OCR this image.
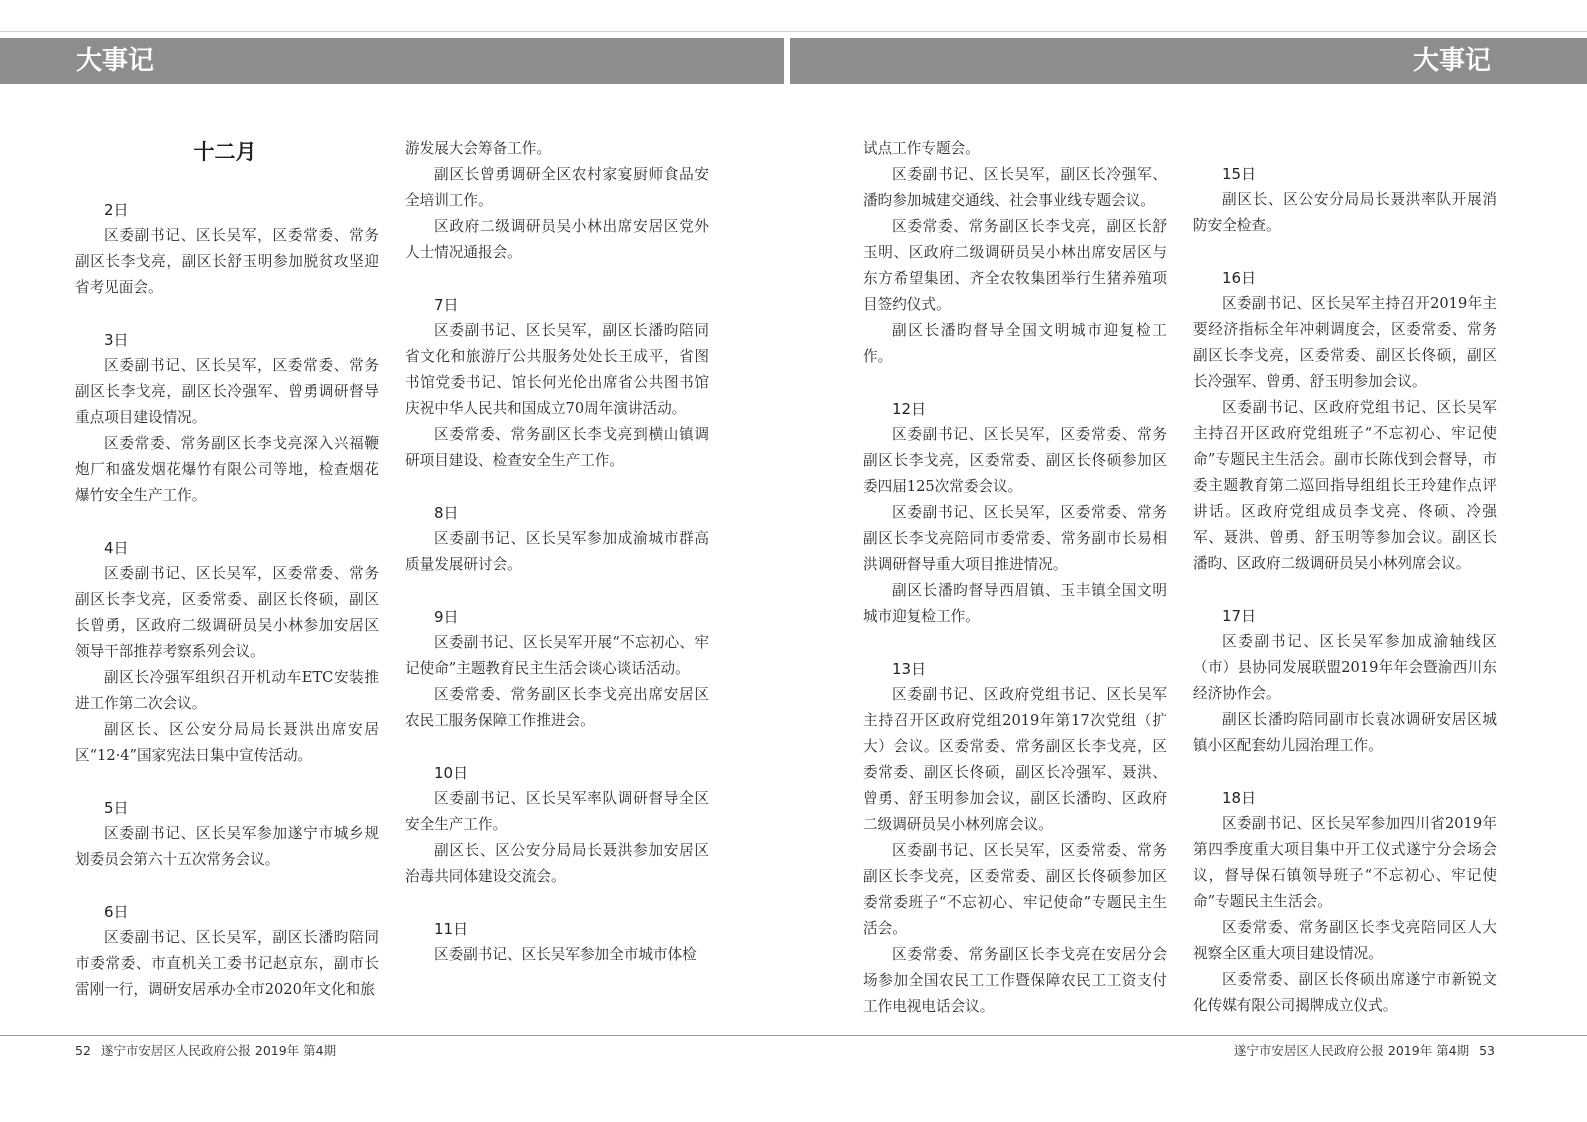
大事记	大事记
十二月
2日

区委副书记、区长吴军，区委常委、常务副区长李戈亮，副区长舒玉明参加脱贫攻坚迎省考见面会。

3日

区委副书记、区长吴军，区委常委、常务副区长李戈亮，副区长冷强军、曾勇调研督导重点项目建设情况。

区委常委、常务副区长李戈亮深入兴福鞭炮厂和盛发烟花爆竹有限公司等地，检查烟花爆竹安全生产工作。

4日

区委副书记、区长吴军，区委常委、常务副区长李戈亮，区委常委、副区长佟硕，副区长曾勇，区政府二级调研员吴小林参加安居区领导干部推荐考察系列会议。

副区长冷强军组织召开机动车ETC安装推进工作第二次会议。

副区长、区公安分局局长聂洪出席安居区“12·4”国家宪法日集中宣传活动。

5日

区委副书记、区长吴军参加遂宁市城乡规划委员会第六十五次常务会议。

6日

区委副书记、区长吴军，副区长潘昀陪同市委常委、市直机关工委书记赵京东，副市长雷刚一行，调研安居承办全市2020年文化和旅

游发展大会筹备工作。

副区长曾勇调研全区农村家宴厨师食品安全培训工作。

区政府二级调研员吴小林出席安居区党外人士情况通报会。

7日

区委副书记、区长吴军，副区长潘昀陪同省文化和旅游厅公共服务处处长王成平，省图书馆党委书记、馆长何光伦出席省公共图书馆庆祝中华人民共和国成立70周年演讲活动。

区委常委、常务副区长李戈亮到横山镇调研项目建设、检查安全生产工作。

8日

区委副书记、区长吴军参加成渝城市群高质量发展研讨会。

9日

区委副书记、区长吴军开展“不忘初心、牢记使命”主题教育民主生活会谈心谈话活动。

区委常委、常务副区长李戈亮出席安居区农民工服务保障工作推进会。

10日

区委副书记、区长吴军率队调研督导全区安全生产工作。

副区长、区公安分局局长聂洪参加安居区治毒共同体建设交流会。

11日

区委副书记、区长吴军参加全市城市体检

试点工作专题会。

区委副书记、区长吴军，副区长冷强军、潘昀参加城建交通线、社会事业线专题会议。

区委常委、常务副区长李戈亮，副区长舒玉明、区政府二级调研员吴小林出席安居区与东方希望集团、齐全农牧集团举行生猪养殖项目签约仪式。

副区长潘昀督导全国文明城市迎复检工作。

12日

区委副书记、区长吴军，区委常委、常务副区长李戈亮，区委常委、副区长佟硕参加区委四届125次常委会议。

区委副书记、区长吴军，区委常委、常务副区长李戈亮陪同市委常委、常务副市长易相洪调研督导重大项目推进情况。

副区长潘昀督导西眉镇、玉丰镇全国文明城市迎复检工作。

13日

区委副书记、区政府党组书记、区长吴军主持召开区政府党组2019年第17次党组（扩大）会议。区委常委、常务副区长李戈亮，区委常委、副区长佟硕，副区长冷强军、聂洪、曾勇、舒玉明参加会议，副区长潘昀、区政府二级调研员吴小林列席会议。

区委副书记、区长吴军，区委常委、常务副区长李戈亮，区委常委、副区长佟硕参加区委常委班子“不忘初心、牢记使命”专题民主生活会。

区委常委、常务副区长李戈亮在安居分会场参加全国农民工工作暨保障农民工工资支付工作电视电话会议。

15日

副区长、区公安分局局长聂洪率队开展消防安全检查。

16日

区委副书记、区长吴军主持召开2019年主要经济指标全年冲刺调度会，区委常委、常务副区长李戈亮，区委常委、副区长佟硕，副区长冷强军、曾勇、舒玉明参加会议。

区委副书记、区政府党组书记、区长吴军主持召开区政府党组班子“不忘初心、牢记使命”专题民主生活会。副市长陈伐到会督导，市委主题教育第二巡回指导组组长王玲建作点评讲话。区政府党组成员李戈亮、佟硕、冷强军、聂洪、曾勇、舒玉明等参加会议。副区长潘昀、区政府二级调研员吴小林列席会议。

17日

区委副书记、区长吴军参加成渝轴线区（市）县协同发展联盟2019年年会暨渝西川东经济协作会。

副区长潘昀陪同副市长袁冰调研安居区城镇小区配套幼儿园治理工作。

18日

区委副书记、区长吴军参加四川省2019年第四季度重大项目集中开工仪式遂宁分会场会议，督导保石镇领导班子“不忘初心、牢记使命”专题民主生活会。

区委常委、常务副区长李戈亮陪同区人大视察全区重大项目建设情况。

区委常委、副区长佟硕出席遂宁市新锐文化传媒有限公司揭牌成立仪式。

52 遂宁市安居区人民政府公报 2019年 第4期	遂宁市安居区人民政府公报 2019年 第4期 53
